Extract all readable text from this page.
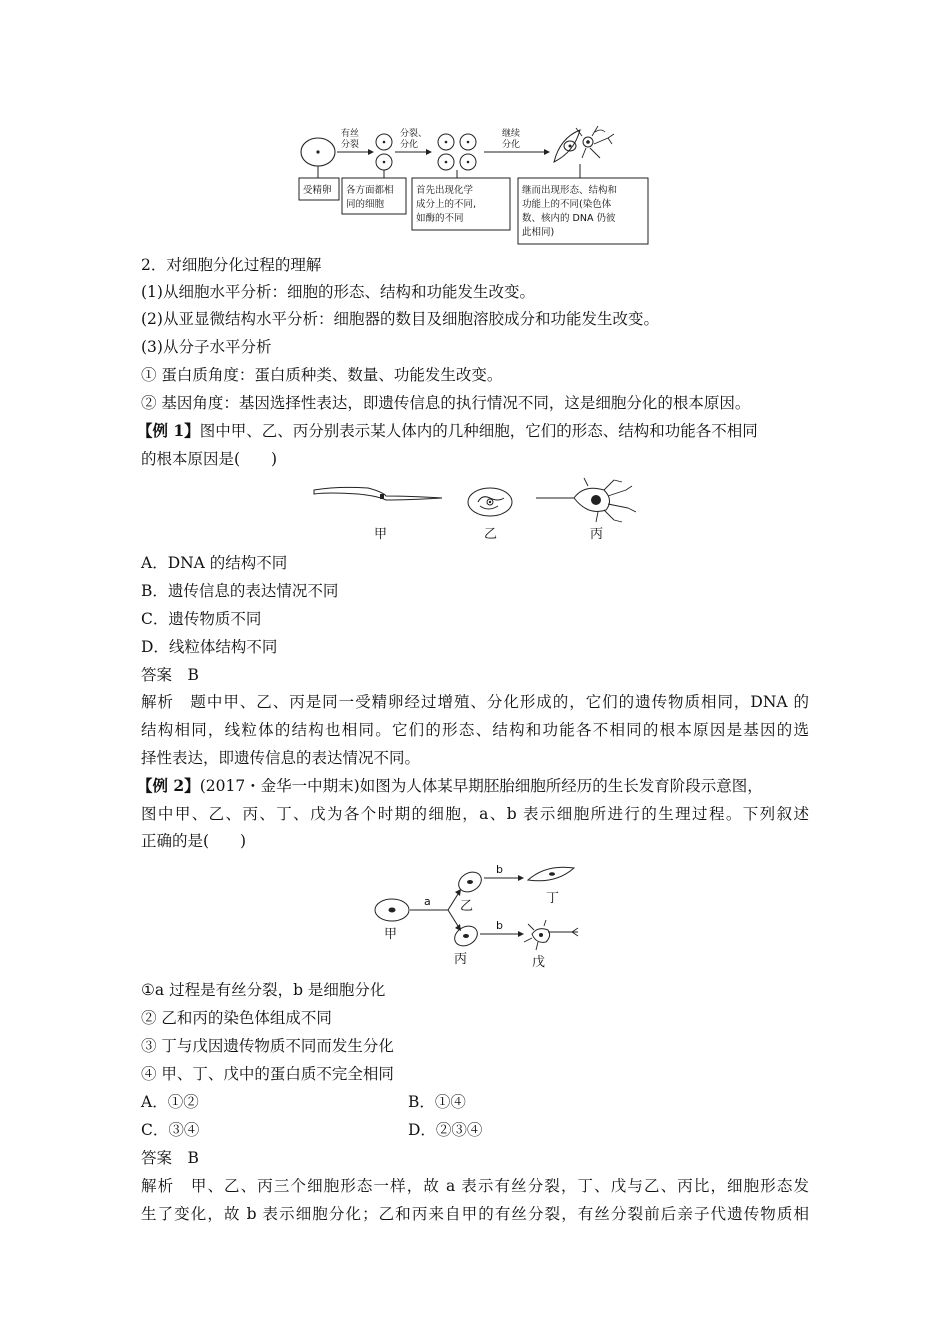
有丝
分裂
分裂、
分化
继续
分化
受精卵 各方面都相
同的细胞
首先出现化学
成分上的不同,
如酶的不同
继而出现形态、结构和
功能上的不同(染色体
数、核内的 DNA 仍彼
此相同)
2．对细胞分化过程的理解
(1)从细胞水平分析：细胞的形态、结构和功能发生改变。
(2)从亚显微结构水平分析：细胞器的数目及细胞溶胶成分和功能发生改变。
(3)从分子水平分析
① 蛋白质角度：蛋白质种类、数量、功能发生改变。
② 基因角度：基因选择性表达，即遗传信息的执行情况不同，这是细胞分化的根本原因。
【例 1】图中甲、乙、丙分别表示某人体内的几种细胞，它们的形态、结构和功能各不相同
的根本原因是(　　)
甲	乙	丙
A．DNA 的结构不同
B．遗传信息的表达情况不同
C．遗传物质不同
D．线粒体结构不同
答案　B
解析　题中甲、乙、丙是同一受精卵经过增殖、分化形成的，它们的遗传物质相同，DNA 的
结构相同，线粒体的结构也相同。它们的形态、结构和功能各不相同的根本原因是基因的选
择性表达，即遗传信息的表达情况不同。
【例 2】(2017・金华一中期末)如图为人体某早期胚胎细胞所经历的生长发育阶段示意图，
图中甲、乙、丙、丁、戊为各个时期的细胞，a、b 表示细胞所进行的生理过程。下列叙述
正确的是(　　)
甲
a 乙
丙
b
b
丁
戊
①a 过程是有丝分裂，b 是细胞分化
② 乙和丙的染色体组成不同
③ 丁与戊因遗传物质不同而发生分化
④ 甲、丁、戊中的蛋白质不完全相同
A．①②	B．①④
C．③④	D．②③④
答案　B
解析　甲、乙、丙三个细胞形态一样，故 a 表示有丝分裂，丁、戊与乙、丙比，细胞形态发
生了变化，故 b 表示细胞分化；乙和丙来自甲的有丝分裂，有丝分裂前后亲子代遗传物质相
